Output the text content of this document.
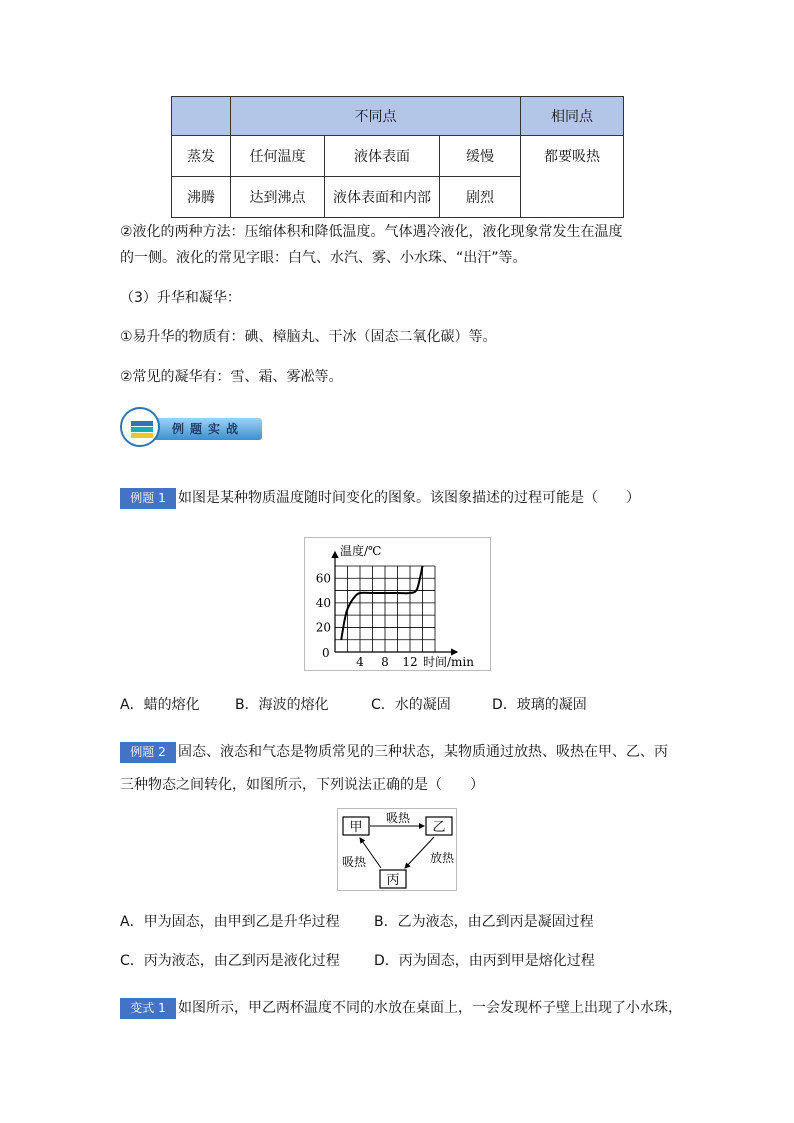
	不同点			相同点
蒸发	任何温度	液体表面	缓慢	都要吸热
沸腾	达到沸点	液体表面和内部	剧烈	
②液化的两种方法：压缩体积和降低温度。气体遇冷液化，液化现象常发生在温度
的一侧。液化的常见字眼：白气、水汽、雾、小水珠、“出汗”等。
（3）升华和凝华：
①易升华的物质有：碘、樟脑丸、干冰（固态二氧化碳）等。
②常见的凝华有：雪、霜、雾凇等。
例题实战
例题 1 如图是某种物质温度随时间变化的图象。该图象描述的过程可能是（　　）
4 8 12
20
40
60
温度/℃
时间/min
0
A．蜡的熔化	B．海波的熔化	C．水的凝固	D．玻璃的凝固
例题 2 固态、液态和气态是物质常见的三种状态，某物质通过放热、吸热在甲、乙、丙
三种物态之间转化，如图所示，下列说法正确的是（　　）
甲	乙
丙
吸热
放热
吸热
A．甲为固态，由甲到乙是升华过程 B．乙为液态，由乙到丙是凝固过程
C．丙为液态，由乙到丙是液化过程 D．丙为固态，由丙到甲是熔化过程
变式 1 如图所示，甲乙两杯温度不同的水放在桌面上，一会发现杯子壁上出现了小水珠，
